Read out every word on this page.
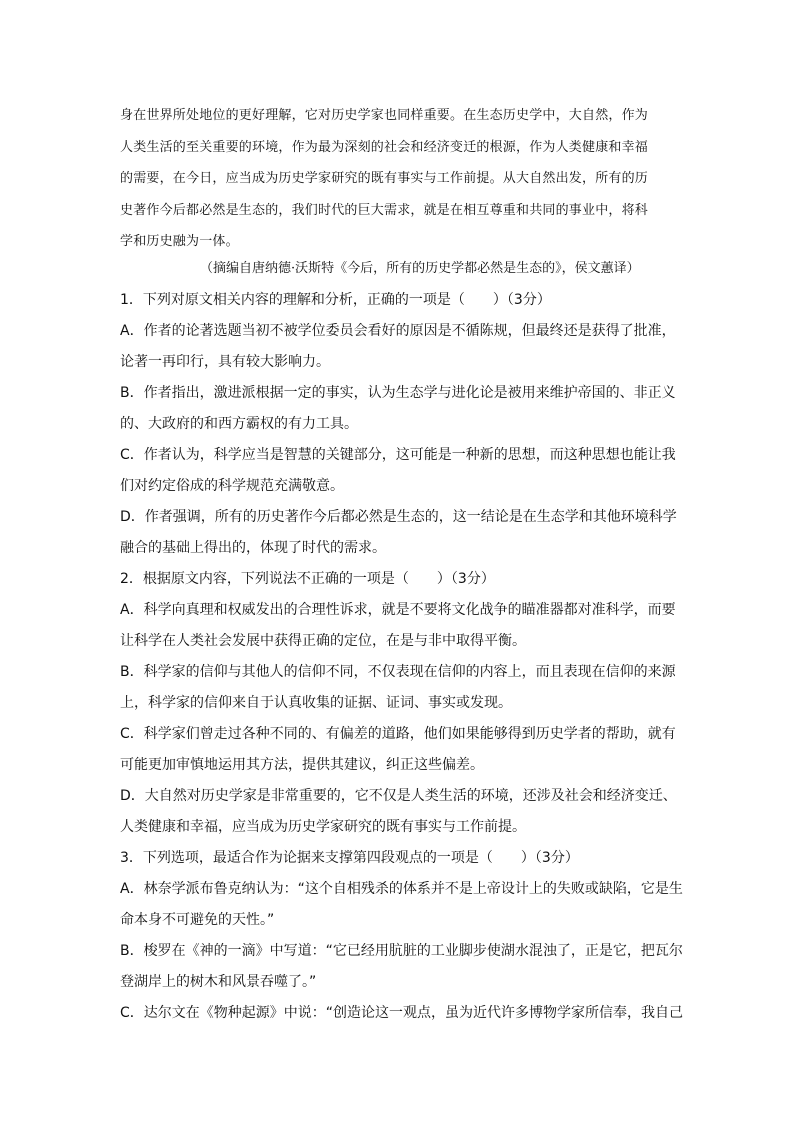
身在世界所处地位的更好理解，它对历史学家也同样重要。在生态历史学中，大自然，作为
人类生活的至关重要的环境，作为最为深刻的社会和经济变迁的根源，作为人类健康和幸福
的需要，在今日，应当成为历史学家研究的既有事实与工作前提。从大自然出发，所有的历
史著作今后都必然是生态的，我们时代的巨大需求，就是在相互尊重和共同的事业中，将科
学和历史融为一体。
（摘编自唐纳德·沃斯特《今后，所有的历史学都必然是生态的》，侯文蕙译）
1．下列对原文相关内容的理解和分析，正确的一项是（　　）（3分）
A．作者的论著选题当初不被学位委员会看好的原因是不循陈规，但最终还是获得了批准，
论著一再印行，具有较大影响力。
B．作者指出，激进派根据一定的事实，认为生态学与进化论是被用来维护帝国的、非正义
的、大政府的和西方霸权的有力工具。
C．作者认为，科学应当是智慧的关键部分，这可能是一种新的思想，而这种思想也能让我
们对约定俗成的科学规范充满敬意。
D．作者强调，所有的历史著作今后都必然是生态的，这一结论是在生态学和其他环境科学
融合的基础上得出的，体现了时代的需求。
2．根据原文内容，下列说法不正确的一项是（　　）（3分）
A．科学向真理和权威发出的合理性诉求，就是不要将文化战争的瞄准器都对准科学，而要
让科学在人类社会发展中获得正确的定位，在是与非中取得平衡。
B．科学家的信仰与其他人的信仰不同，不仅表现在信仰的内容上，而且表现在信仰的来源
上，科学家的信仰来自于认真收集的证据、证词、事实或发现。
C．科学家们曾走过各种不同的、有偏差的道路，他们如果能够得到历史学者的帮助，就有
可能更加审慎地运用其方法，提供其建议，纠正这些偏差。
D．大自然对历史学家是非常重要的，它不仅是人类生活的环境，还涉及社会和经济变迁、
人类健康和幸福，应当成为历史学家研究的既有事实与工作前提。
3．下列选项，最适合作为论据来支撑第四段观点的一项是（　　）（3分）
A．林奈学派布鲁克纳认为：“这个自相残杀的体系并不是上帝设计上的失败或缺陷，它是生
命本身不可避免的天性。”
B．梭罗在《神的一滴》中写道：“它已经用肮脏的工业脚步使湖水混浊了，正是它，把瓦尔
登湖岸上的树木和风景吞噬了。”
C．达尔文在《物种起源》中说：“创造论这一观点，虽为近代许多博物学家所信奉，我自己
